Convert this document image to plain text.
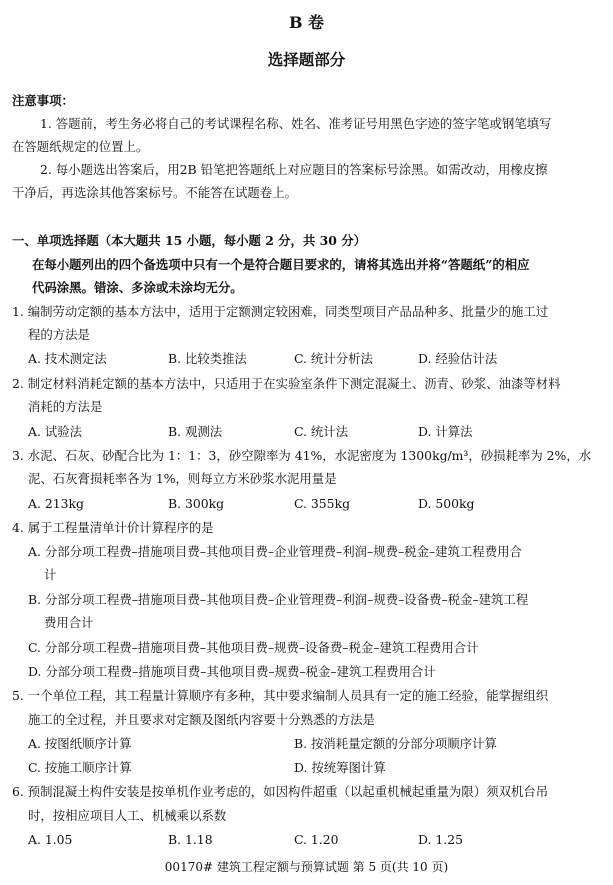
B 卷
选择题部分
注意事项：
1. 答题前，考生务必将自己的考试课程名称、姓名、准考证号用黑色字迹的签字笔或钢笔填写
在答题纸规定的位置上。
2. 每小题选出答案后，用2B 铅笔把答题纸上对应题目的答案标号涂黑。如需改动，用橡皮擦
干净后，再选涂其他答案标号。不能答在试题卷上。
一、单项选择题（本大题共 15 小题，每小题 2 分，共 30 分）
在每小题列出的四个备选项中只有一个是符合题目要求的，请将其选出并将“答题纸”的相应
代码涂黑。错涂、多涂或未涂均无分。
1. 编制劳动定额的基本方法中，适用于定额测定较困难，同类型项目产品品种多、批量少的施工过
程的方法是
A. 技术测定法	B. 比较类推法	C. 统计分析法	D. 经验估计法
2. 制定材料消耗定额的基本方法中，只适用于在实验室条件下测定混凝土、沥青、砂浆、油漆等材料
消耗的方法是
A. 试验法	B. 观测法	C. 统计法	D. 计算法
3. 水泥、石灰、砂配合比为 1：1：3，砂空隙率为 41%，水泥密度为 1300kg/m³，砂损耗率为 2%，水
泥、石灰膏损耗率各为 1%，则每立方米砂浆水泥用量是
A. 213kg	B. 300kg	C. 355kg	D. 500kg
4. 属于工程量清单计价计算程序的是
A. 分部分项工程费–措施项目费–其他项目费–企业管理费–利润–规费–税金–建筑工程费用合
计
B. 分部分项工程费–措施项目费–其他项目费–企业管理费–利润–规费–设备费–税金–建筑工程
费用合计
C. 分部分项工程费–措施项目费–其他项目费–规费–设备费–税金–建筑工程费用合计
D. 分部分项工程费–措施项目费–其他项目费–规费–税金–建筑工程费用合计
5. 一个单位工程，其工程量计算顺序有多种，其中要求编制人员具有一定的施工经验，能掌握组织
施工的全过程，并且要求对定额及图纸内容要十分熟悉的方法是
A. 按图纸顺序计算	B. 按消耗量定额的分部分项顺序计算
C. 按施工顺序计算	D. 按统筹图计算
6. 预制混凝土构件安装是按单机作业考虑的，如因构件超重（以起重机械起重量为限）须双机台吊
时，按相应项目人工、机械乘以系数
A. 1.05	B. 1.18	C. 1.20	D. 1.25
00170# 建筑工程定额与预算试题 第 5 页(共 10 页)
